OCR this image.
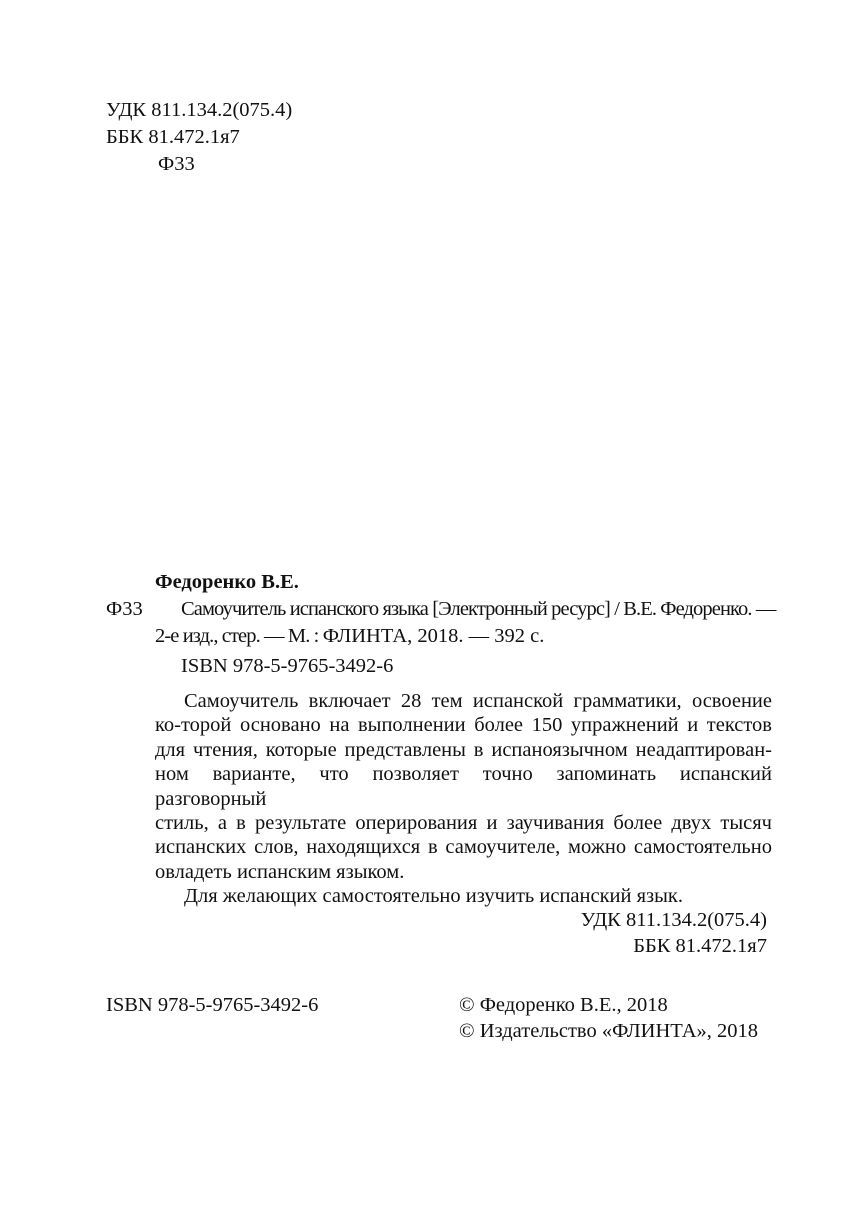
УДК 811.134.2(075.4)
ББК 81.472.1я7
Ф33
Федоренко В.Е.
Ф33 Самоучитель испанского языка [Электронный ресурс] / В.Е. Федоренко. —
2-е изд., стер. — М. : ФЛИНТА, 2018. — 392 с.
ISBN 978-5-9765-3492-6

Самоучитель включает 28 тем испанской грамматики, освоение

ко-торой основано на выполнении более 150 упражнений и текстов

для чтения, которые представлены в испаноязычном неадаптирован-

ном варианте, что позволяет точно запоминать испанский разговорный

стиль, а в результате оперирования и заучивания более двух тысяч

испанских слов, находящихся в самоучителе, можно самостоятельно

овладеть испанским языком.

Для желающих самостоятельно изучить испанский язык.

УДК 811.134.2(075.4)
ББК 81.472.1я7
ISBN 978-5-9765-3492-6	© Федоренко В.Е., 2018
© Издательство «ФЛИНТА», 2018
